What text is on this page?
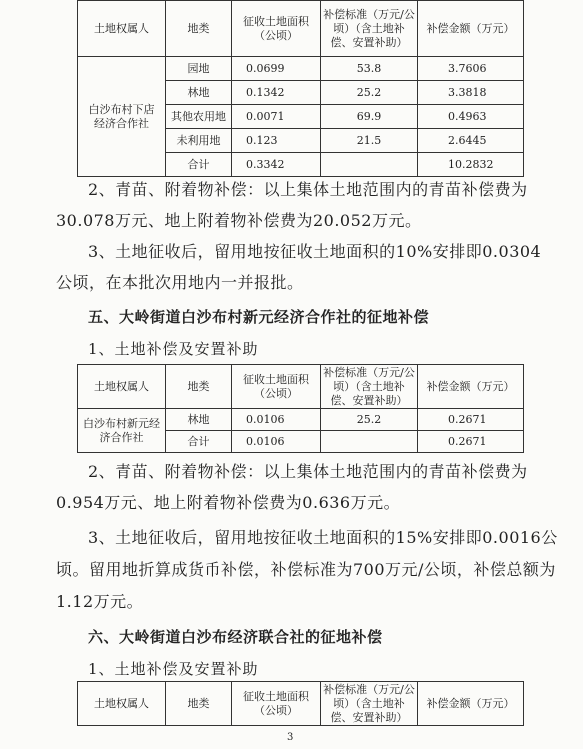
土地权属人	地类	征收土地面积（公顷）	补偿标准（万元/公顷）（含土地补偿、安置补助）	补偿金额（万元）
白沙布村下店经济合作社	园地	0.0699	53.8	3.7606
	林地	0.1342	25.2	3.3818
	其他农用地	0.0071	69.9	0.4963
	未利用地	0.123	21.5	2.6445
	合计	0.3342		10.2832
2、青苗、附着物补偿：以上集体土地范围内的青苗补偿费为
30.078万元、地上附着物补偿费为20.052万元。
3、土地征收后，留用地按征收土地面积的10%安排即0.0304
公顷，在本批次用地内一并报批。
五、大岭街道白沙布村新元经济合作社的征地补偿
1、土地补偿及安置补助
土地权属人	地类	征收土地面积（公顷）	补偿标准（万元/公顷）（含土地补偿、安置补助）	补偿金额（万元）
白沙布村新元经济合作社	林地	0.0106	25.2	0.2671
	合计	0.0106		0.2671
2、青苗、附着物补偿：以上集体土地范围内的青苗补偿费为
0.954万元、地上附着物补偿费为0.636万元。
3、土地征收后，留用地按征收土地面积的15%安排即0.0016公
顷。留用地折算成货币补偿，补偿标准为700万元/公顷，补偿总额为
1.12万元。
六、大岭街道白沙布经济联合社的征地补偿
1、土地补偿及安置补助
土地权属人	地类	征收土地面积（公顷）	补偿标准（万元/公顷）（含土地补偿、安置补助）	补偿金额（万元）
3
